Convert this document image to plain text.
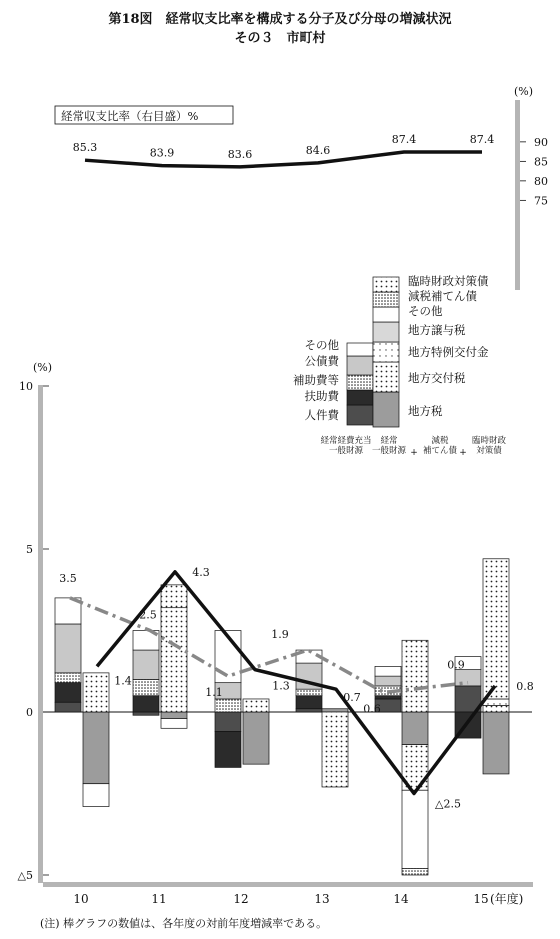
第18図　経常収支比率を構成する分子及び分母の増減状況
その３　市町村
(%)
75
80
85
90
経常収支比率（右目盛）%
85.3	83.9	83.6	84.6
87.4	87.4
(%)
10
5
0
△5
3.5
2.5
1.1
1.9
0.6
0.9
1.4
4.3
1.3
0.7
△2.5
0.8
10	11	12	13	14	15 (年度)
人件費
扶助費
補助費等
公債費
その他
地方税
地方交付税
地方特例交付金
地方譲与税
その他
減税補てん債
臨時財政対策債
経常経費充当
一般財源
経常
一般財源
減税
補てん債
臨時財政
対策債
+	+
(注) 棒グラフの数値は、各年度の対前年度増減率である。
